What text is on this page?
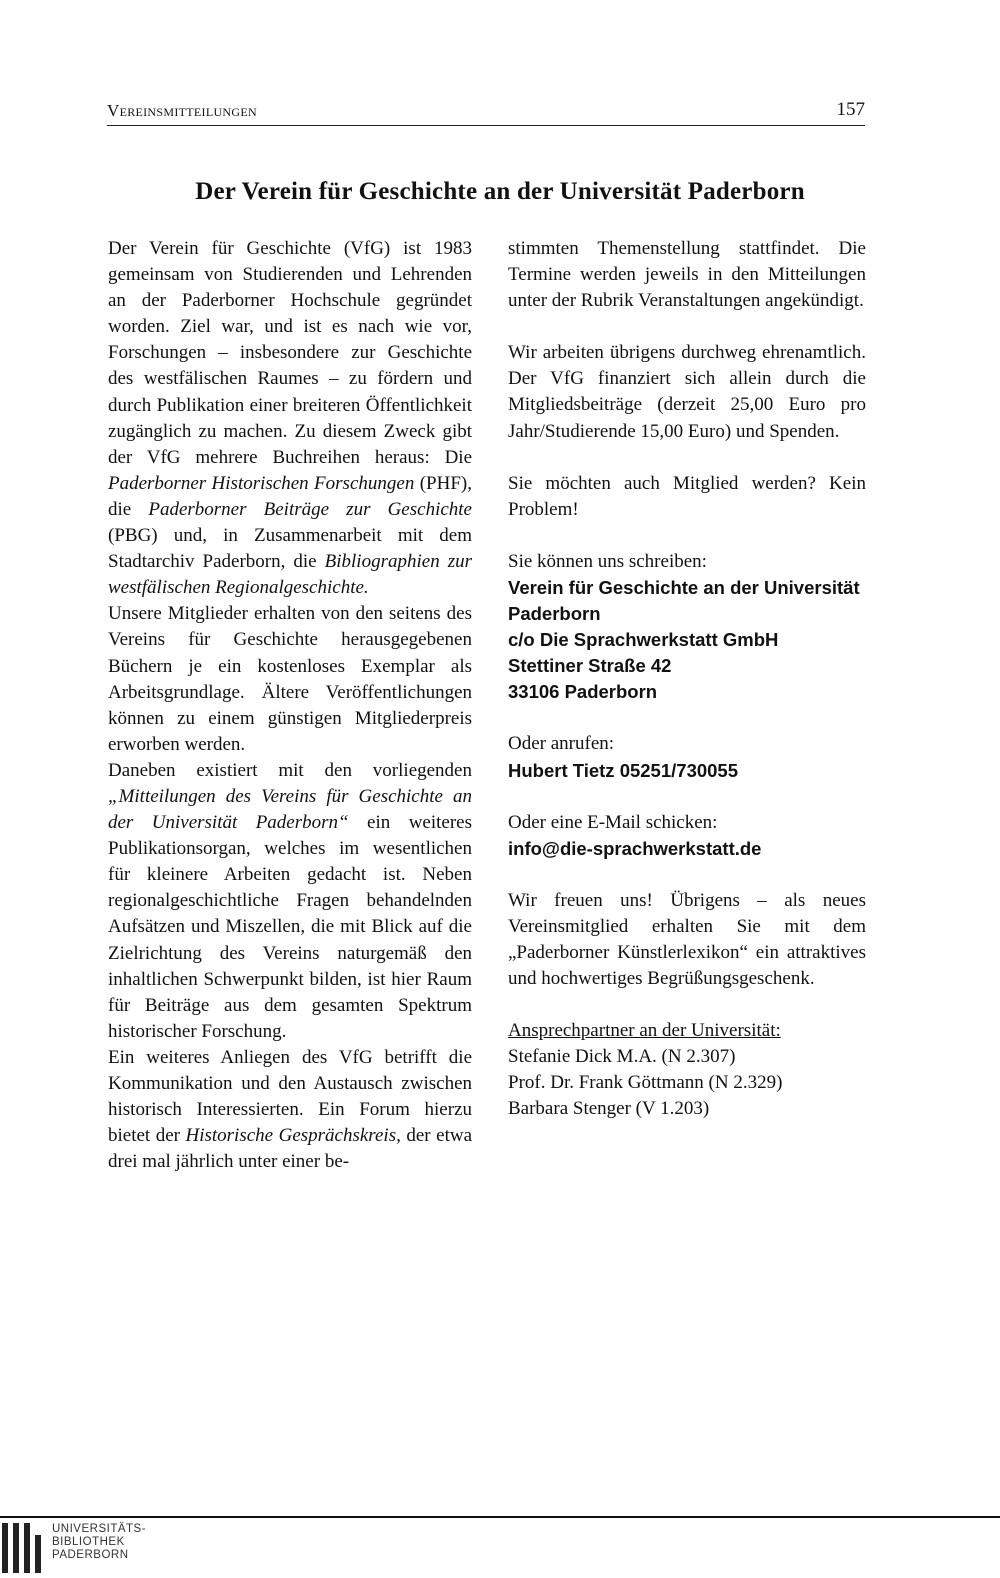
Vereinsmitteilungen	157
Der Verein für Geschichte an der Universität Paderborn

Der Verein für Geschichte (VfG) ist 1983 gemeinsam von Studierenden und Lehrenden an der Paderborner Hochschule gegründet worden. Ziel war, und ist es nach wie vor, Forschungen – insbesondere zur Geschichte des westfälischen Raumes – zu fördern und durch Publikation einer breiteren Öffentlichkeit zugänglich zu machen. Zu diesem Zweck gibt der VfG mehrere Buchreihen heraus: Die Paderborner Historischen Forschungen (PHF), die Paderborner Beiträge zur Geschichte (PBG) und, in Zusammenarbeit mit dem Stadtarchiv Paderborn, die Bibliographien zur westfälischen Regionalgeschichte.

Unsere Mitglieder erhalten von den seitens des Vereins für Geschichte herausgegebenen Büchern je ein kostenloses Exemplar als Arbeitsgrundlage. Ältere Veröffentlichungen können zu einem günstigen Mitgliederpreis erworben werden.

Daneben existiert mit den vorliegenden „Mitteilungen des Vereins für Geschichte an der Universität Paderborn“ ein weiteres Publikationsorgan, welches im wesentlichen für kleinere Arbeiten gedacht ist. Neben regionalgeschichtliche Fragen behandelnden Aufsätzen und Miszellen, die mit Blick auf die Zielrichtung des Vereins naturgemäß den inhaltlichen Schwerpunkt bilden, ist hier Raum für Beiträge aus dem gesamten Spektrum historischer Forschung.

Ein weiteres Anliegen des VfG betrifft die Kommunikation und den Austausch zwischen historisch Interessierten. Ein Forum hierzu bietet der Historische Gesprächskreis, der etwa drei mal jährlich unter einer be-

stimmten Themenstellung stattfindet. Die Termine werden jeweils in den Mitteilungen unter der Rubrik Veranstaltungen angekündigt.

Wir arbeiten übrigens durchweg ehrenamtlich. Der VfG finanziert sich allein durch die Mitgliedsbeiträge (derzeit 25,00 Euro pro Jahr/Studierende 15,00 Euro) und Spenden.

Sie möchten auch Mitglied werden? Kein Problem!

Sie können uns schreiben:

Verein für Geschichte an der Universität Paderborn

c/o Die Sprachwerkstatt GmbH

Stettiner Straße 42

33106 Paderborn

Oder anrufen:

Hubert Tietz 05251/730055

Oder eine E-Mail schicken:

info@die-sprachwerkstatt.de

Wir freuen uns! Übrigens – als neues Vereinsmitglied erhalten Sie mit dem „Paderborner Künstlerlexikon“ ein attraktives und hochwertiges Begrüßungsgeschenk.

Ansprechpartner an der Universität:

Stefanie Dick M.A. (N 2.307)

Prof. Dr. Frank Göttmann (N 2.329)

Barbara Stenger (V 1.203)

UNIVERSITÄTS-
BIBLIOTHEK
PADERBORN
